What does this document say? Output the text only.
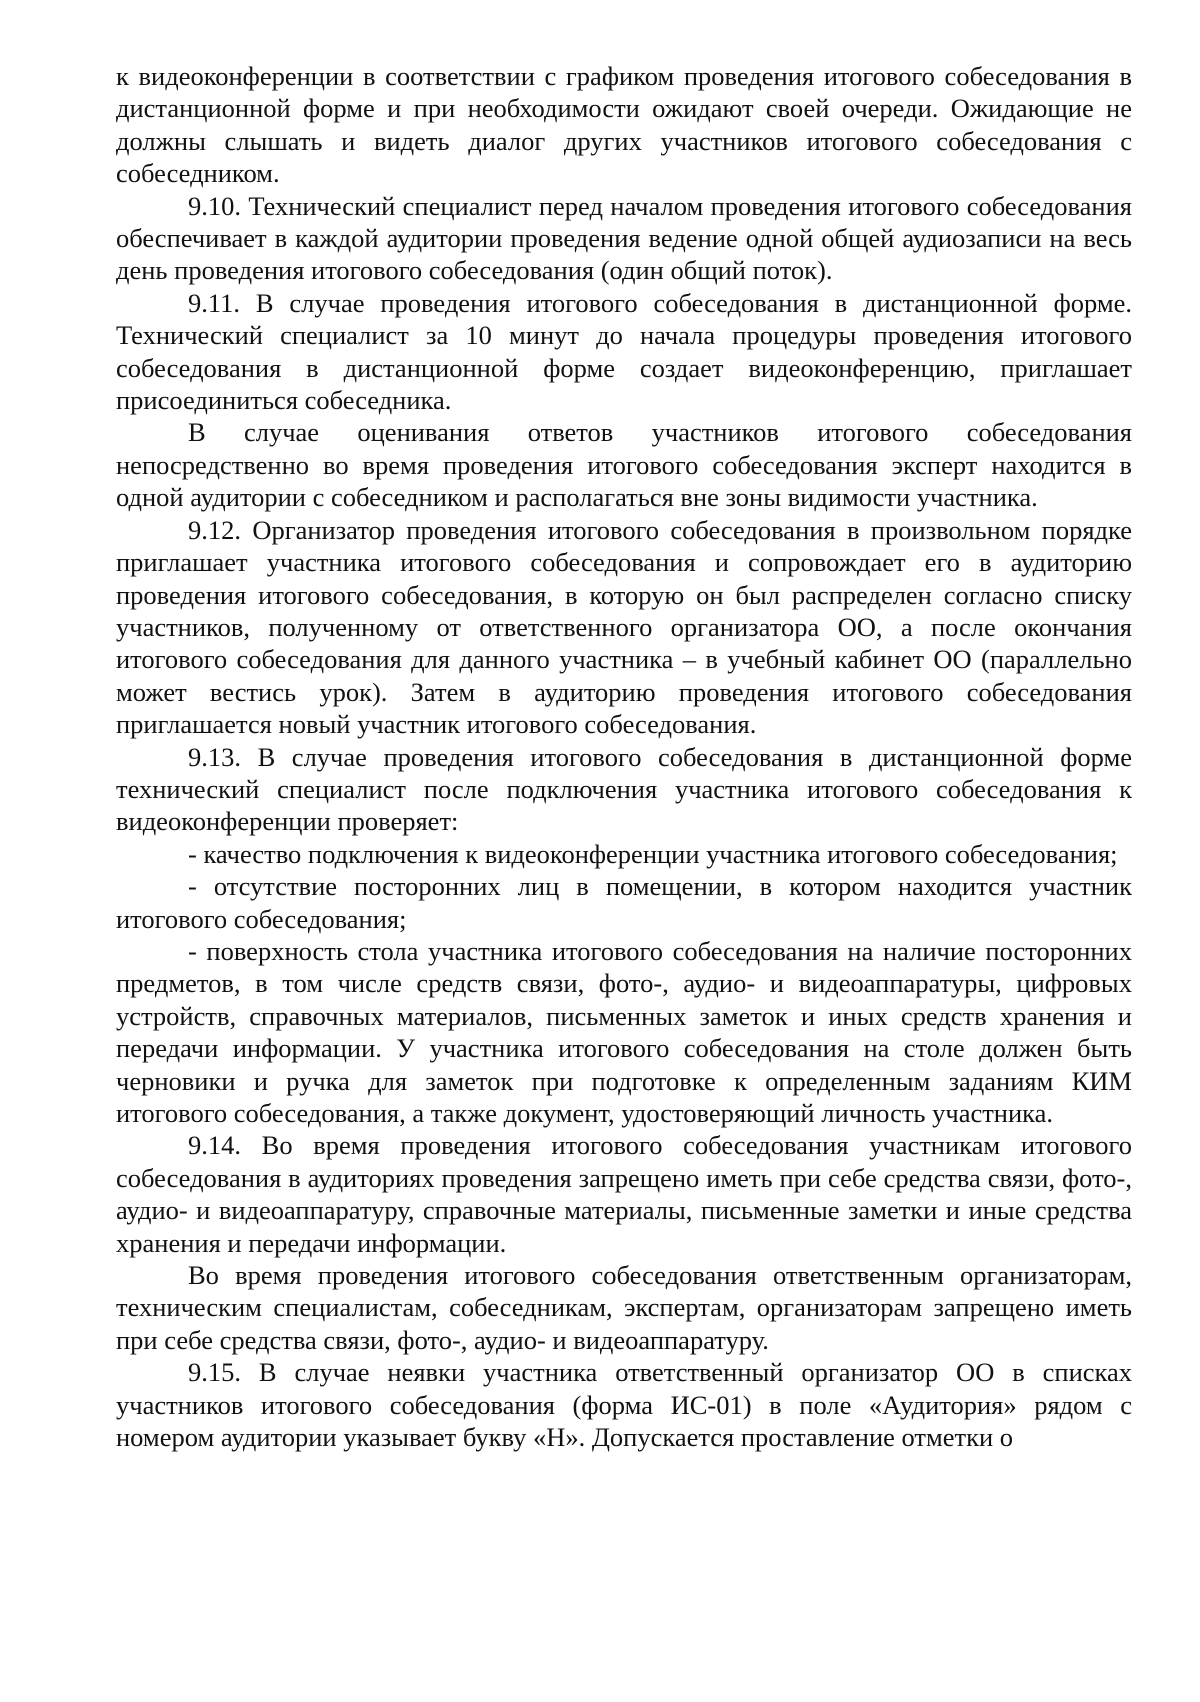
к видеоконференции в соответствии с графиком проведения итогового собеседования в дистанционной форме и при необходимости ожидают своей очереди. Ожидающие не должны слышать и видеть диалог других участников итогового собеседования с собеседником.

9.10. Технический специалист перед началом проведения итогового собеседования обеспечивает в каждой аудитории проведения ведение одной общей аудиозаписи на весь день проведения итогового собеседования (один общий поток).

9.11. В случае проведения итогового собеседования в дистанционной форме. Технический специалист за 10 минут до начала процедуры проведения итогового собеседования в дистанционной форме создает видеоконференцию, приглашает присоединиться собеседника.

В случае оценивания ответов участников итогового собеседования непосредственно во время проведения итогового собеседования эксперт находится в одной аудитории с собеседником и располагаться вне зоны видимости участника.

9.12. Организатор проведения итогового собеседования в произвольном порядке приглашает участника итогового собеседования и сопровождает его в аудиторию проведения итогового собеседования, в которую он был распределен согласно списку участников, полученному от ответственного организатора ОО, а после окончания итогового собеседования для данного участника – в учебный кабинет ОО (параллельно может вестись урок). Затем в аудиторию проведения итогового собеседования приглашается новый участник итогового собеседования.

9.13. В случае проведения итогового собеседования в дистанционной форме технический специалист после подключения участника итогового собеседования к видеоконференции проверяет:

- качество подключения к видеоконференции участника итогового собеседования;

- отсутствие посторонних лиц в помещении, в котором находится участник итогового собеседования;

- поверхность стола участника итогового собеседования на наличие посторонних предметов, в том числе средств связи, фото-, аудио- и видеоаппаратуры, цифровых устройств, справочных материалов, письменных заметок и иных средств хранения и передачи информации. У участника итогового собеседования на столе должен быть черновики и ручка для заметок при подготовке к определенным заданиям КИМ итогового собеседования, а также документ, удостоверяющий личность участника.

9.14. Во время проведения итогового собеседования участникам итогового собеседования в аудиториях проведения запрещено иметь при себе средства связи, фото-, аудио- и видеоаппаратуру, справочные материалы, письменные заметки и иные средства хранения и передачи информации.

Во время проведения итогового собеседования ответственным организаторам, техническим специалистам, собеседникам, экспертам, организаторам запрещено иметь при себе средства связи, фото-, аудио- и видеоаппаратуру.

9.15. В случае неявки участника ответственный организатор ОО в списках участников итогового собеседования (форма ИС-01) в поле «Аудитория» рядом с номером аудитории указывает букву «Н». Допускается проставление отметки о
